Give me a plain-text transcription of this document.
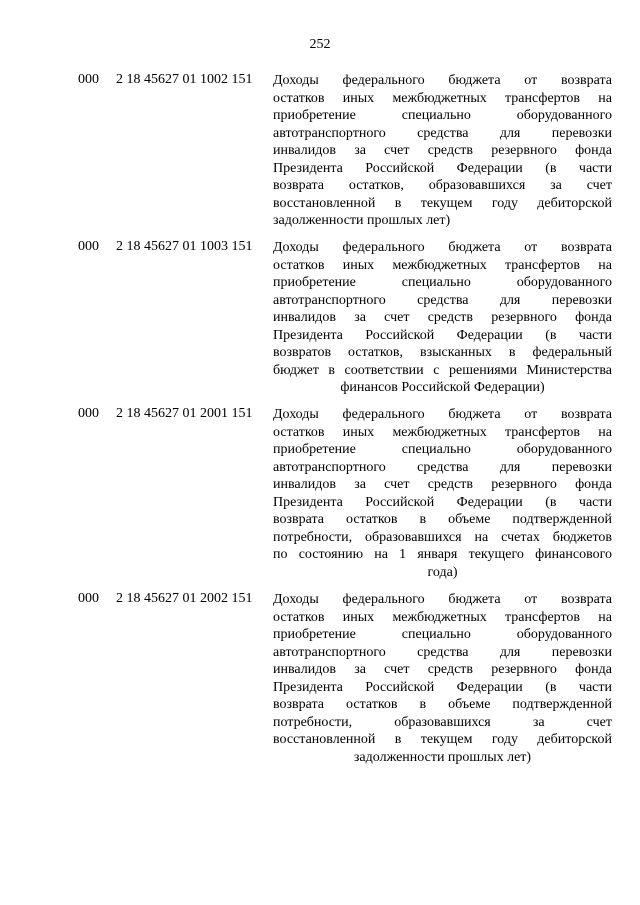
252
000 2 18 45627 01 1002 151 Доходы федерального бюджета от возврата
остатков иных межбюджетных трансфертов на
приобретение специально оборудованного
автотранспортного средства для перевозки
инвалидов за счет средств резервного фонда
Президента Российской Федерации (в части
возврата остатков, образовавшихся за счет
восстановленной в текущем году дебиторской
задолженности прошлых лет)
000 2 18 45627 01 1003 151 Доходы федерального бюджета от возврата
остатков иных межбюджетных трансфертов на
приобретение специально оборудованного
автотранспортного средства для перевозки
инвалидов за счет средств резервного фонда
Президента Российской Федерации (в части
возвратов остатков, взысканных в федеральный
бюджет в соответствии с решениями Министерства
финансов Российской Федерации)
000 2 18 45627 01 2001 151 Доходы федерального бюджета от возврата
остатков иных межбюджетных трансфертов на
приобретение специально оборудованного
автотранспортного средства для перевозки
инвалидов за счет средств резервного фонда
Президента Российской Федерации (в части
возврата остатков в объеме подтвержденной
потребности, образовавшихся на счетах бюджетов
по состоянию на 1 января текущего финансового
года)
000 2 18 45627 01 2002 151 Доходы федерального бюджета от возврата
остатков иных межбюджетных трансфертов на
приобретение специально оборудованного
автотранспортного средства для перевозки
инвалидов за счет средств резервного фонда
Президента Российской Федерации (в части
возврата остатков в объеме подтвержденной
потребности, образовавшихся за счет
восстановленной в текущем году дебиторской
задолженности прошлых лет)
